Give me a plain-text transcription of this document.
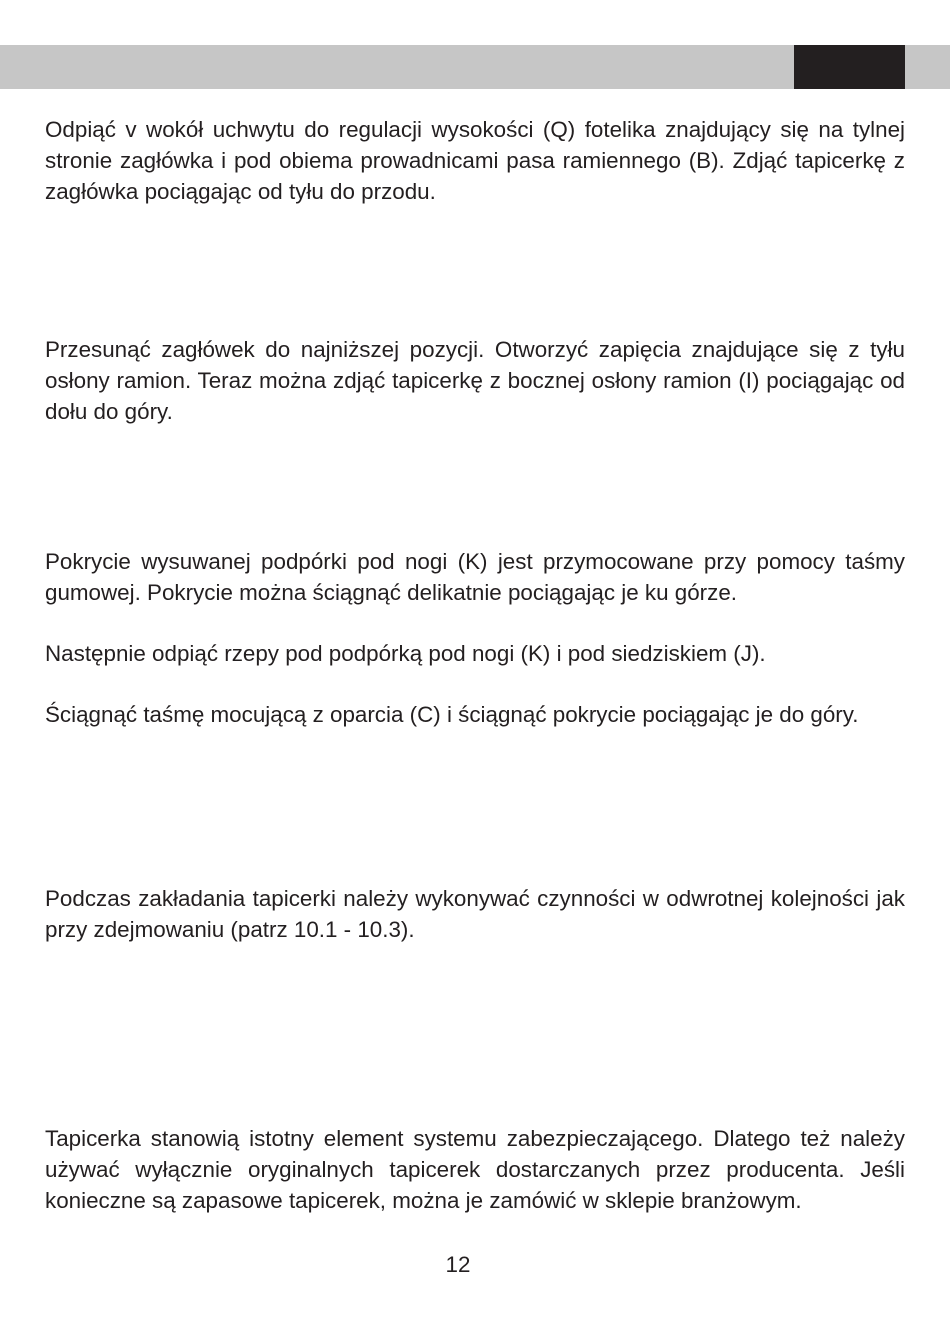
Odpiąć v wokół uchwytu do regulacji wysokości (Q) fotelika znajdujący się na tylnej stronie zagłówka i pod obiema prowadnicami pasa ramiennego (B). Zdjąć tapicerkę z zagłówka pociągając od tyłu do przodu.

Przesunąć zagłówek do najniższej pozycji. Otworzyć zapięcia znajdujące się z tyłu osłony ramion. Teraz można zdjąć tapicerkę z bocznej osłony ramion (I) pociągając od dołu do góry.

Pokrycie wysuwanej podpórki pod nogi (K) jest przymocowane przy pomocy taśmy gumowej. Pokrycie można ściągnąć delikatnie pociągając je ku górze.

Następnie odpiąć rzepy pod podpórką pod nogi (K) i pod siedziskiem (J).

Ściągnąć taśmę mocującą z oparcia (C) i ściągnąć pokrycie pociągając je do góry.

Podczas zakładania tapicerki należy wykonywać czynności w odwrotnej kolejności jak przy zdejmowaniu (patrz 10.1 - 10.3).

Tapicerka stanowią istotny element systemu zabezpieczającego. Dlatego też należy używać wyłącznie oryginalnych tapicerek dostarczanych przez producenta. Jeśli konieczne są zapasowe tapicerek, można je zamówić w sklepie branżowym.

12
